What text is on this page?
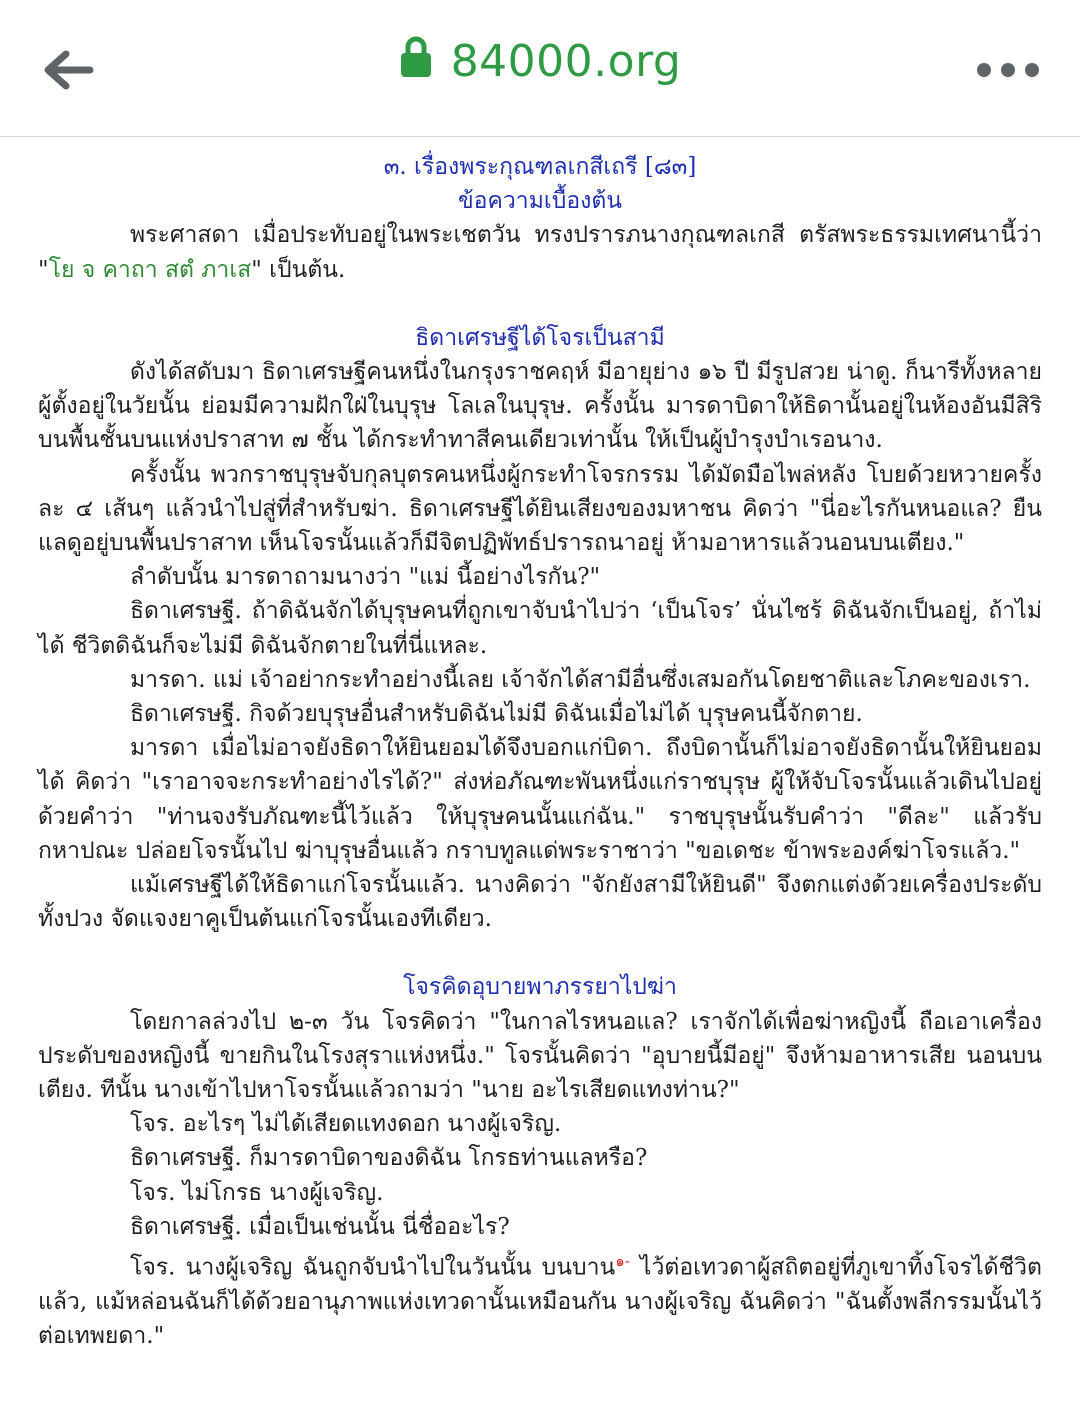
84000.org
๓. เรื่องพระกุณฑลเกสีเถรี [๘๓]
ข้อความเบื้องต้น

พระศาสดา เมื่อประทับอยู่ในพระเชตวัน ทรงปรารภนางกุณฑลเกสี ตรัสพระธรรมเทศนานี้ว่า "โย จ คาถา สตํ ภาเส" เป็นต้น.

ธิดาเศรษฐีได้โจรเป็นสามี

ดังได้สดับมา ธิดาเศรษฐีคนหนึ่งในกรุงราชคฤห์ มีอายุย่าง ๑๖ ปี มีรูปสวย น่าดู. ก็นารีทั้งหลายผู้ตั้งอยู่ในวัยนั้น ย่อมมีความฝักใฝ่ในบุรุษ โลเลในบุรุษ. ครั้งนั้น มารดาบิดาให้ธิดานั้นอยู่ในห้องอันมีสิริ บนพื้นชั้นบนแห่งปราสาท ๗ ชั้น ได้กระทำทาสีคนเดียวเท่านั้น ให้เป็นผู้บำรุงบำเรอนาง.

ครั้งนั้น พวกราชบุรุษจับกุลบุตรคนหนึ่งผู้กระทำโจรกรรม ได้มัดมือไพล่หลัง โบยด้วยหวายครั้งละ ๔ เส้นๆ แล้วนำไปสู่ที่สำหรับฆ่า. ธิดาเศรษฐีได้ยินเสียงของมหาชน คิดว่า "นี่อะไรกันหนอแล? ยืนแลดูอยู่บนพื้นปราสาท เห็นโจรนั้นแล้วก็มีจิตปฏิพัทธ์ปรารถนาอยู่ ห้ามอาหารแล้วนอนบนเตียง."

ลำดับนั้น มารดาถามนางว่า "แม่ นี้อย่างไรกัน?"

ธิดาเศรษฐี. ถ้าดิฉันจักได้บุรุษคนที่ถูกเขาจับนำไปว่า ‘เป็นโจร’ นั่นไซร้ ดิฉันจักเป็นอยู่, ถ้าไม่ได้ ชีวิตดิฉันก็จะไม่มี ดิฉันจักตายในที่นี่แหละ.

มารดา. แม่ เจ้าอย่ากระทำอย่างนี้เลย เจ้าจักได้สามีอื่นซึ่งเสมอกันโดยชาติและโภคะของเรา.

ธิดาเศรษฐี. กิจด้วยบุรุษอื่นสำหรับดิฉันไม่มี ดิฉันเมื่อไม่ได้ บุรุษคนนี้จักตาย.

มารดา เมื่อไม่อาจยังธิดาให้ยินยอมได้จึงบอกแก่บิดา. ถึงบิดานั้นก็ไม่อาจยังธิดานั้นให้ยินยอมได้ คิดว่า "เราอาจจะกระทำอย่างไรได้?" ส่งห่อภัณฑะพันหนึ่งแก่ราชบุรุษ ผู้ให้จับโจรนั้นแล้วเดินไปอยู่ ด้วยคำว่า "ท่านจงรับภัณฑะนี้ไว้แล้ว ให้บุรุษคนนั้นแก่ฉัน." ราชบุรุษนั้นรับคำว่า "ดีละ" แล้วรับกหาปณะ ปล่อยโจรนั้นไป ฆ่าบุรุษอื่นแล้ว กราบทูลแด่พระราชาว่า "ขอเดชะ ข้าพระองค์ฆ่าโจรแล้ว."

แม้เศรษฐีได้ให้ธิดาแก่โจรนั้นแล้ว. นางคิดว่า "จักยังสามีให้ยินดี" จึงตกแต่งด้วยเครื่องประดับทั้งปวง จัดแจงยาคูเป็นต้นแก่โจรนั้นเองทีเดียว.

โจรคิดอุบายพาภรรยาไปฆ่า

โดยกาลล่วงไป ๒-๓ วัน โจรคิดว่า "ในกาลไรหนอแล? เราจักได้เพื่อฆ่าหญิงนี้ ถือเอาเครื่องประดับของหญิงนี้ ขายกินในโรงสุราแห่งหนึ่ง." โจรนั้นคิดว่า "อุบายนี้มีอยู่" จึงห้ามอาหารเสีย นอนบนเตียง. ทีนั้น นางเข้าไปหาโจรนั้นแล้วถามว่า "นาย อะไรเสียดแทงท่าน?"

โจร. อะไรๆ ไม่ได้เสียดแทงดอก นางผู้เจริญ.

ธิดาเศรษฐี. ก็มารดาบิดาของดิฉัน โกรธท่านแลหรือ?

โจร. ไม่โกรธ นางผู้เจริญ.

ธิดาเศรษฐี. เมื่อเป็นเช่นนั้น นี่ชื่ออะไร?

โจร. นางผู้เจริญ ฉันถูกจับนำไปในวันนั้น บนบาน$^{๑-}$ ไว้ต่อเทวดาผู้สถิตอยู่ที่ภูเขาทิ้งโจรได้ชีวิตแล้ว, แม้หล่อนฉันก็ได้ด้วยอานุภาพแห่งเทวดานั้นเหมือนกัน นางผู้เจริญ ฉันคิดว่า "ฉันตั้งพลีกรรมนั้นไว้ต่อเทพยดา."
